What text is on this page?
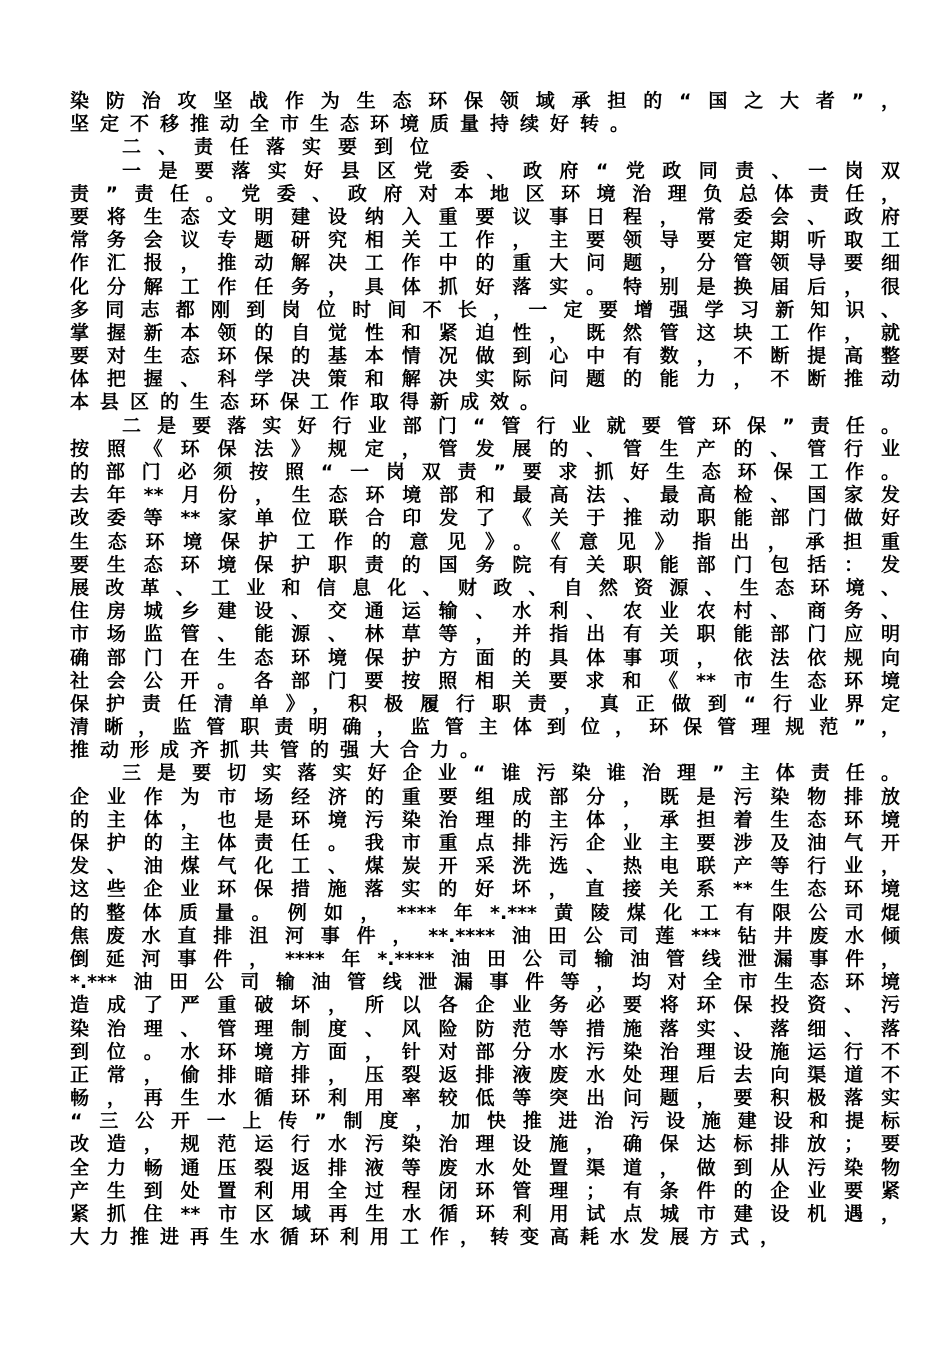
染防治攻坚战作为生态环保领域承担的“国之大者”，
坚定不移推动全市生态环境质量持续好转。
二、责任落实要到位
一是要落实好县区党委、政府“党政同责、一岗双
责”责任。党委、政府对本地区环境治理负总体责任，
要将生态文明建设纳入重要议事日程，常委会、政府
常务会议专题研究相关工作，主要领导要定期听取工
作汇报，推动解决工作中的重大问题，分管领导要细
化分解工作任务，具体抓好落实。特别是换届后，很
多同志都刚到岗位时间不长，一定要增强学习新知识、
掌握新本领的自觉性和紧迫性，既然管这块工作，就
要对生态环保的基本情况做到心中有数，不断提高整
体把握、科学决策和解决实际问题的能力，不断推动
本县区的生态环保工作取得新成效。
二是要落实好行业部门“管行业就要管环保”责任。
按照《环保法》规定，管发展的、管生产的、管行业
的部门必须按照“一岗双责”要求抓好生态环保工作。
去年**月份，生态环境部和最高法、最高检、国家发
改委等**家单位联合印发了《关于推动职能部门做好
生态环境保护工作的意见》。《意见》指出，承担重
要生态环境保护职责的国务院有关职能部门包括：发
展改革、工业和信息化、财政、自然资源、生态环境、
住房城乡建设、交通运输、水利、农业农村、商务、
市场监管、能源、林草等，并指出有关职能部门应明
确部门在生态环境保护方面的具体事项，依法依规向
社会公开。各部门要按照相关要求和《**市生态环境
保护责任清单》，积极履行职责，真正做到“行业界定
清晰，监管职责明确，监管主体到位，环保管理规范”，
推动形成齐抓共管的强大合力。
三是要切实落实好企业“谁污染谁治理”主体责任。
企业作为市场经济的重要组成部分，既是污染物排放
的主体，也是环境污染治理的主体，承担着生态环境
保护的主体责任。我市重点排污企业主要涉及油气开
发、油煤气化工、煤炭开采洗选、热电联产等行业，
这些企业环保措施落实的好坏，直接关系**生态环境
的整体质量。例如，****年*.***黄陵煤化工有限公司焜
焦废水直排沮河事件，**.****油田公司莲***钻井废水倾
倒延河事件，****年*.****油田公司输油管线泄漏事件，
*.***油田公司输油管线泄漏事件等，均对全市生态环境
造成了严重破坏，所以各企业务必要将环保投资、污
染治理、管理制度、风险防范等措施落实、落细、落
到位。水环境方面，针对部分水污染治理设施运行不
正常，偷排暗排，压裂返排液废水处理后去向渠道不
畅，再生水循环利用率较低等突出问题，要积极落实
“三公开一上传”制度，加快推进治污设施建设和提标
改造，规范运行水污染治理设施，确保达标排放；要
全力畅通压裂返排液等废水处置渠道，做到从污染物
产生到处置利用全过程闭环管理；有条件的企业要紧
紧抓住**市区域再生水循环利用试点城市建设机遇，
大力推进再生水循环利用工作，转变高耗水发展方式，
